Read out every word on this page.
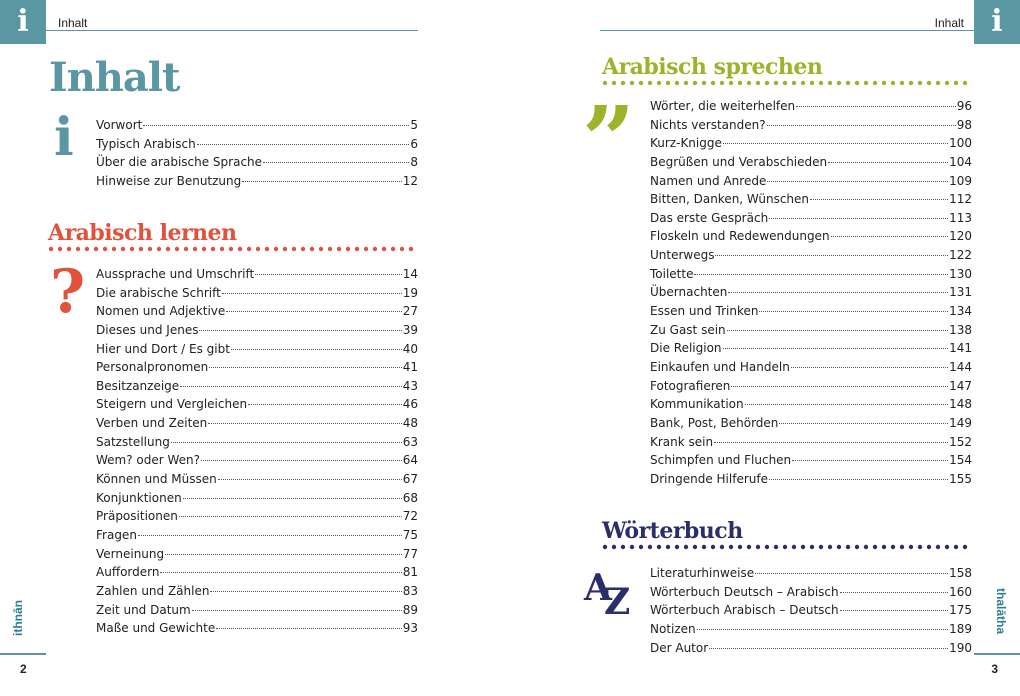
i	Inhalt
Inhalt
i Vorwort	5
Typisch Arabisch	6
Über die arabische Sprache	8
Hinweise zur Benutzung	12
Arabisch lernen
? Aussprache und Umschrift	14
Die arabische Schrift	19
Nomen und Adjektive	27
Dieses und Jenes	39
Hier und Dort / Es gibt	40
Personalpronomen	41
Besitzanzeige	43
Steigern und Vergleichen	46
Verben und Zeiten	48
Satzstellung	63
Wem? oder Wen?	64
Können und Müssen	67
Konjunktionen	68
Präpositionen	72
Fragen	75
Verneinung	77
Auffordern	81
Zahlen und Zählen	83
Zeit und Datum	89
Maße und Gewichte	93
ithnān
2
i
Inhalt
Arabisch sprechen
” Wörter, die weiterhelfen	96
Nichts verstanden?	98
Kurz-Knigge	100
Begrüßen und Verabschieden	104
Namen und Anrede	109
Bitten, Danken, Wünschen	112
Das erste Gespräch	113
Floskeln und Redewendungen	120
Unterwegs	122
Toilette	130
Übernachten	131
Essen und Trinken	134
Zu Gast sein	138
Die Religion	141
Einkaufen und Handeln	144
Fotografieren	147
Kommunikation	148
Bank, Post, Behörden	149
Krank sein	152
Schimpfen und Fluchen	154
Dringende Hilferufe	155
Wörterbuch
A
Z
Literaturhinweise	158
Wörterbuch Deutsch – Arabisch	160
Wörterbuch Arabisch – Deutsch	175
Notizen	189
Der Autor	190
thalātha
3
